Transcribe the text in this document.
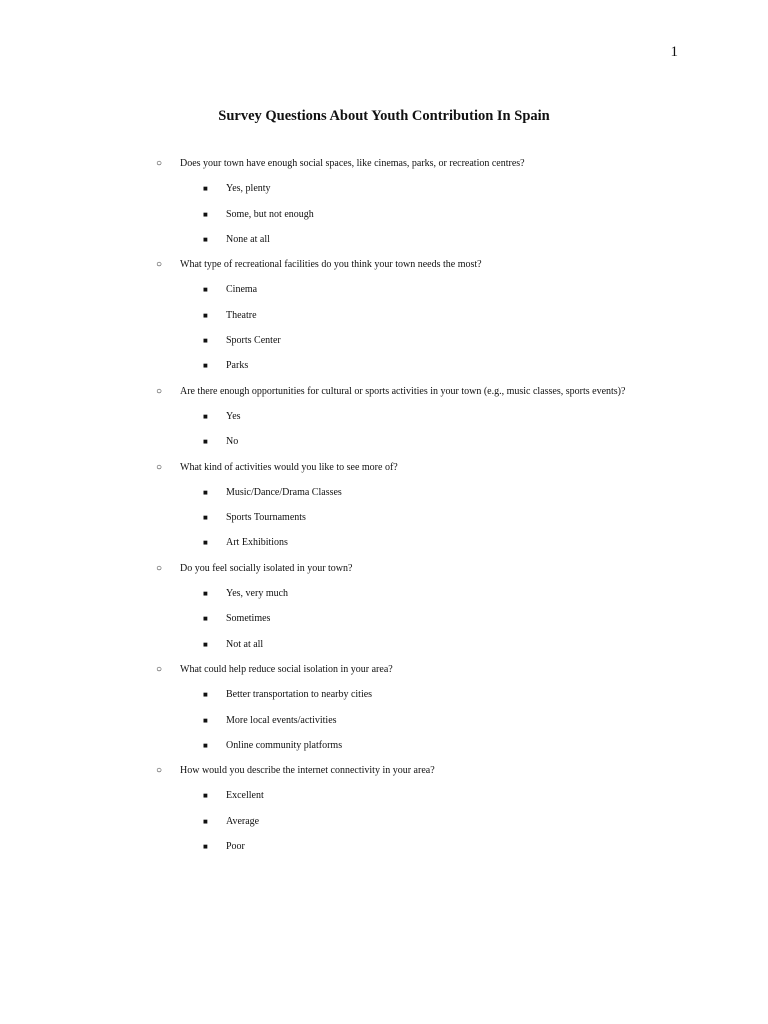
1
Survey Questions About Youth Contribution In Spain
○ Does your town have enough social spaces, like cinemas, parks, or recreation centres?
■ Yes, plenty
■ Some, but not enough
■ None at all
○ What type of recreational facilities do you think your town needs the most?
■ Cinema
■ Theatre
■ Sports Center
■ Parks
○ Are there enough opportunities for cultural or sports activities in your town (e.g., music classes, sports events)?
■ Yes
■ No
○ What kind of activities would you like to see more of?
■ Music/Dance/Drama Classes
■ Sports Tournaments
■ Art Exhibitions
○ Do you feel socially isolated in your town?
■ Yes, very much
■ Sometimes
■ Not at all
○ What could help reduce social isolation in your area?
■ Better transportation to nearby cities
■ More local events/activities
■ Online community platforms
○ How would you describe the internet connectivity in your area?
■ Excellent
■ Average
■ Poor
